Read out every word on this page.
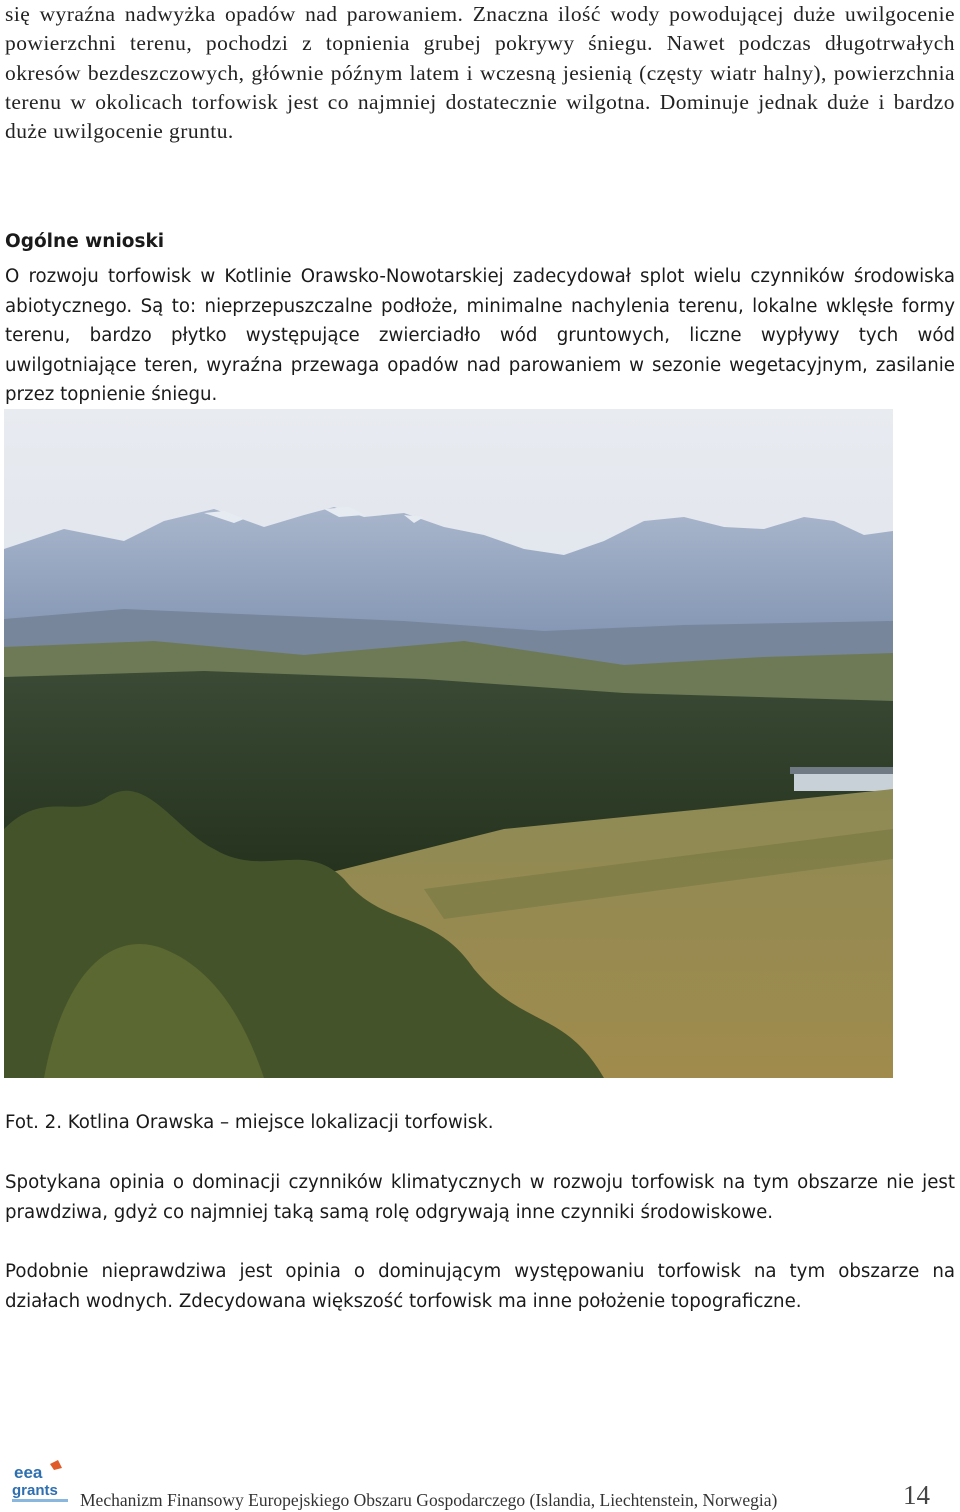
się wyraźna nadwyżka opadów nad parowaniem. Znaczna ilość wody powodującej duże uwilgocenie powierzchni terenu, pochodzi z topnienia grubej pokrywy śniegu. Nawet podczas długotrwałych okresów bezdeszczowych, głównie późnym latem i wczesną jesienią (częsty wiatr halny), powierzchnia terenu w okolicach torfowisk jest co najmniej dostatecznie wilgotna. Dominuje jednak duże i bardzo duże uwilgocenie gruntu.

Ogólne wnioski

O rozwoju torfowisk w Kotlinie Orawsko-Nowotarskiej zadecydował splot wielu czynników środowiska abiotycznego. Są to: nieprzepuszczalne podłoże, minimalne nachylenia terenu, lokalne wklęsłe formy terenu, bardzo płytko występujące zwierciadło wód gruntowych, liczne wypływy tych wód uwilgotniające teren, wyraźna przewaga opadów nad parowaniem w sezonie wegetacyjnym, zasilanie przez topnienie śniegu.

Fot. 2. Kotlina Orawska – miejsce lokalizacji torfowisk.

Spotykana opinia o dominacji czynników klimatycznych w rozwoju torfowisk na tym obszarze nie jest prawdziwa, gdyż co najmniej taką samą rolę odgrywają inne czynniki środowiskowe.

Podobnie nieprawdziwa jest opinia o dominującym występowaniu torfowisk na tym obszarze na działach wodnych. Zdecydowana większość torfowisk ma inne położenie topograficzne.

eea
grants Mechanizm Finansowy Europejskiego Obszaru Gospodarczego (Islandia, Liechtenstein, Norwegia)	14
